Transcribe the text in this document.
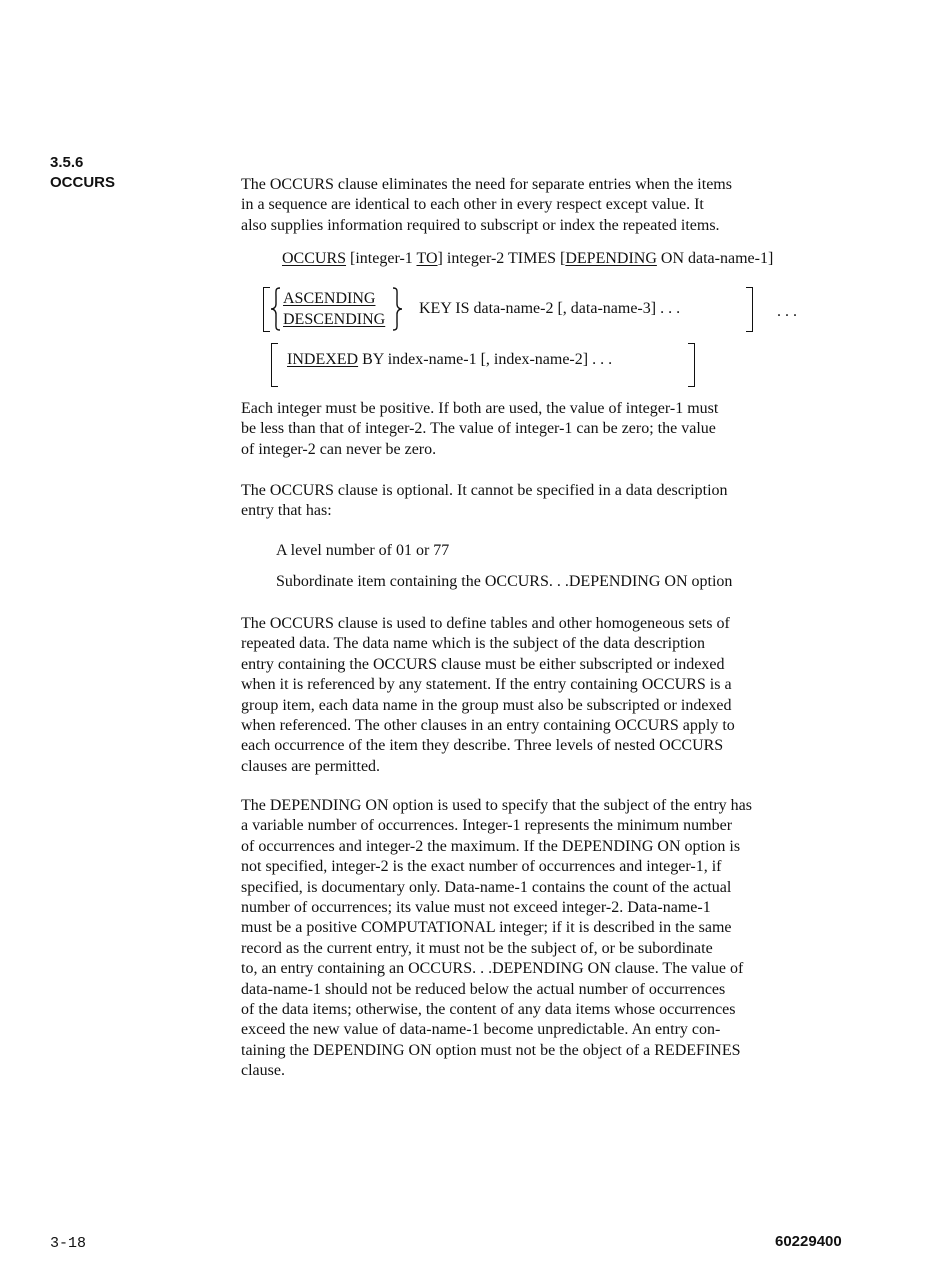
3.5.6
OCCURS	The OCCURS clause eliminates the need for separate entries when the items
in a sequence are identical to each other in every respect except value. It
also supplies information required to subscript or index the repeated items.
OCCURS [integer-1 TO] integer-2 TIMES [DEPENDING ON data-name-1]
ASCENDING
DESCENDING
KEY IS data-name-2 [, data-name-3] . . .	. . .
INDEXED BY index-name-1 [, index-name-2] . . .
Each integer must be positive. If both are used, the value of integer-1 must
be less than that of integer-2. The value of integer-1 can be zero; the value
of integer-2 can never be zero.
The OCCURS clause is optional. It cannot be specified in a data description
entry that has:
A level number of 01 or 77
Subordinate item containing the OCCURS. . .DEPENDING ON option
The OCCURS clause is used to define tables and other homogeneous sets of
repeated data. The data name which is the subject of the data description
entry containing the OCCURS clause must be either subscripted or indexed
when it is referenced by any statement. If the entry containing OCCURS is a
group item, each data name in the group must also be subscripted or indexed
when referenced. The other clauses in an entry containing OCCURS apply to
each occurrence of the item they describe. Three levels of nested OCCURS
clauses are permitted.
The DEPENDING ON option is used to specify that the subject of the entry has
a variable number of occurrences. Integer-1 represents the minimum number
of occurrences and integer-2 the maximum. If the DEPENDING ON option is
not specified, integer-2 is the exact number of occurrences and integer-1, if
specified, is documentary only. Data-name-1 contains the count of the actual
number of occurrences; its value must not exceed integer-2. Data-name-1
must be a positive COMPUTATIONAL integer; if it is described in the same
record as the current entry, it must not be the subject of, or be subordinate
to, an entry containing an OCCURS. . .DEPENDING ON clause. The value of
data-name-1 should not be reduced below the actual number of occurrences
of the data items; otherwise, the content of any data items whose occurrences
exceed the new value of data-name-1 become unpredictable. An entry con-
taining the DEPENDING ON option must not be the object of a REDEFINES
clause.
3-18	60229400
